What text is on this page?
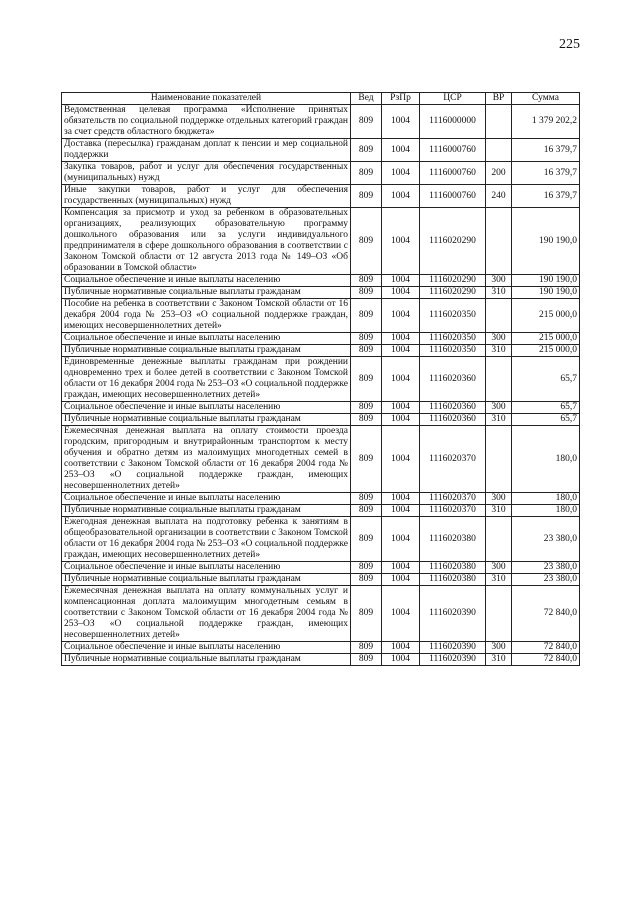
225
Наименование показателей	Вед	РзПр	ЦСР	ВР	Сумма
Ведомственная целевая программа «Исполнение принятых обязательств по социальной поддержке отдельных категорий граждан за счет средств областного бюджета»	809	1004	1116000000		1 379 202,2
Доставка (пересылка) гражданам доплат к пенсии и мер социальной поддержки	809	1004	1116000760		16 379,7
Закупка товаров, работ и услуг для обеспечения государственных (муниципальных) нужд	809	1004	1116000760	200	16 379,7
Иные закупки товаров, работ и услуг для обеспечения государственных (муниципальных) нужд	809	1004	1116000760	240	16 379,7
Компенсация за присмотр и уход за ребенком в образовательных организациях, реализующих образовательную программу дошкольного образования или за услуги индивидуального предпринимателя в сфере дошкольного образования в соответствии с Законом Томской области от 12 августа 2013 года № 149–ОЗ «Об образовании в Томской области»	809	1004	1116020290		190 190,0
Социальное обеспечение и иные выплаты населению	809	1004	1116020290	300	190 190,0
Публичные нормативные социальные выплаты гражданам	809	1004	1116020290	310	190 190,0
Пособие на ребенка в соответствии с Законом Томской области от 16 декабря 2004 года № 253–ОЗ «О социальной поддержке граждан, имеющих несовершеннолетних детей»	809	1004	1116020350		215 000,0
Социальное обеспечение и иные выплаты населению	809	1004	1116020350	300	215 000,0
Публичные нормативные социальные выплаты гражданам	809	1004	1116020350	310	215 000,0
Единовременные денежные выплаты гражданам при рождении одновременно трех и более детей в соответствии с Законом Томской области от 16 декабря 2004 года № 253–ОЗ «О социальной поддержке граждан, имеющих несовершеннолетних детей»	809	1004	1116020360		65,7
Социальное обеспечение и иные выплаты населению	809	1004	1116020360	300	65,7
Публичные нормативные социальные выплаты гражданам	809	1004	1116020360	310	65,7
Ежемесячная денежная выплата на оплату стоимости проезда городским, пригородным и внутрирайонным транспортом к месту обучения и обратно детям из малоимущих многодетных семей в соответствии с Законом Томской области от 16 декабря 2004 года № 253–ОЗ «О социальной поддержке граждан, имеющих несовершеннолетних детей»	809	1004	1116020370		180,0
Социальное обеспечение и иные выплаты населению	809	1004	1116020370	300	180,0
Публичные нормативные социальные выплаты гражданам	809	1004	1116020370	310	180,0
Ежегодная денежная выплата на подготовку ребенка к занятиям в общеобразовательной организации в соответствии с Законом Томской области от 16 декабря 2004 года № 253–ОЗ «О социальной поддержке граждан, имеющих несовершеннолетних детей»	809	1004	1116020380		23 380,0
Социальное обеспечение и иные выплаты населению	809	1004	1116020380	300	23 380,0
Публичные нормативные социальные выплаты гражданам	809	1004	1116020380	310	23 380,0
Ежемесячная денежная выплата на оплату коммунальных услуг и компенсационная доплата малоимущим многодетным семьям в соответствии с Законом Томской области от 16 декабря 2004 года № 253–ОЗ «О социальной поддержке граждан, имеющих несовершеннолетних детей»	809	1004	1116020390		72 840,0
Социальное обеспечение и иные выплаты населению	809	1004	1116020390	300	72 840,0
Публичные нормативные социальные выплаты гражданам	809	1004	1116020390	310	72 840,0
